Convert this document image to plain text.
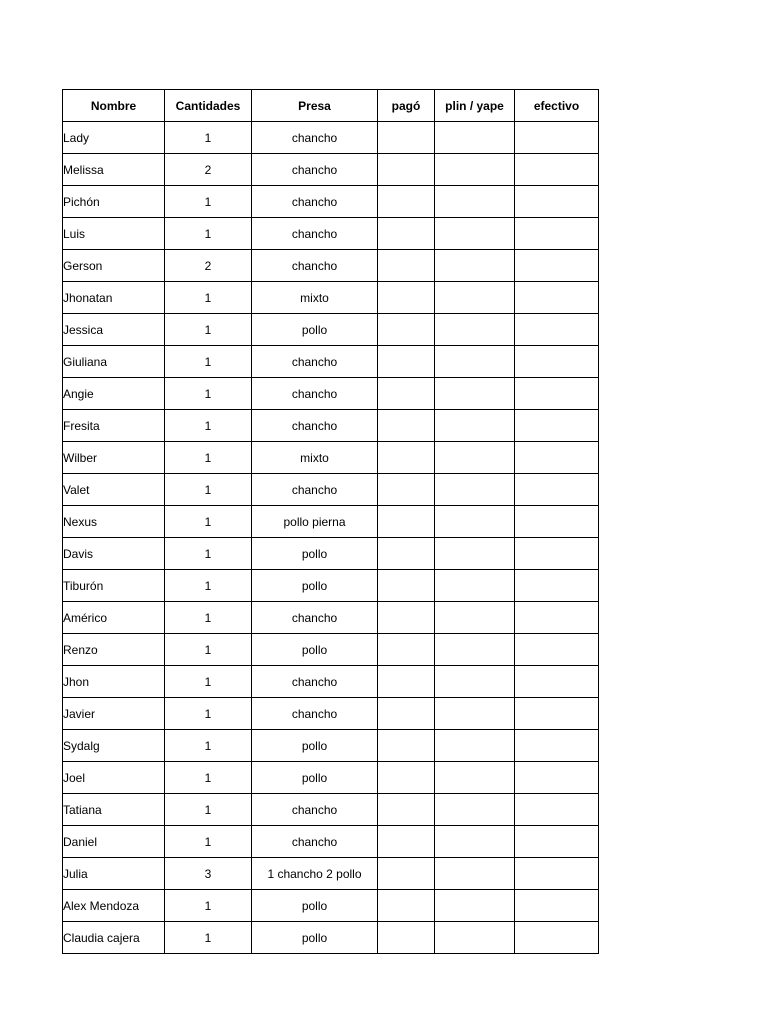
Nombre	Cantidades	Presa	pagó	plin / yape	efectivo
Lady	1	chancho			
Melissa	2	chancho			
Pichón	1	chancho			
Luis	1	chancho			
Gerson	2	chancho			
Jhonatan	1	mixto			
Jessica	1	pollo			
Giuliana	1	chancho			
Angie	1	chancho			
Fresita	1	chancho			
Wilber	1	mixto			
Valet	1	chancho			
Nexus	1	pollo pierna			
Davis	1	pollo			
Tiburón	1	pollo			
Américo	1	chancho			
Renzo	1	pollo			
Jhon	1	chancho			
Javier	1	chancho			
Sydalg	1	pollo			
Joel	1	pollo			
Tatiana	1	chancho			
Daniel	1	chancho			
Julia	3	1 chancho 2 pollo			
Alex Mendoza	1	pollo			
Claudia cajera	1	pollo			
